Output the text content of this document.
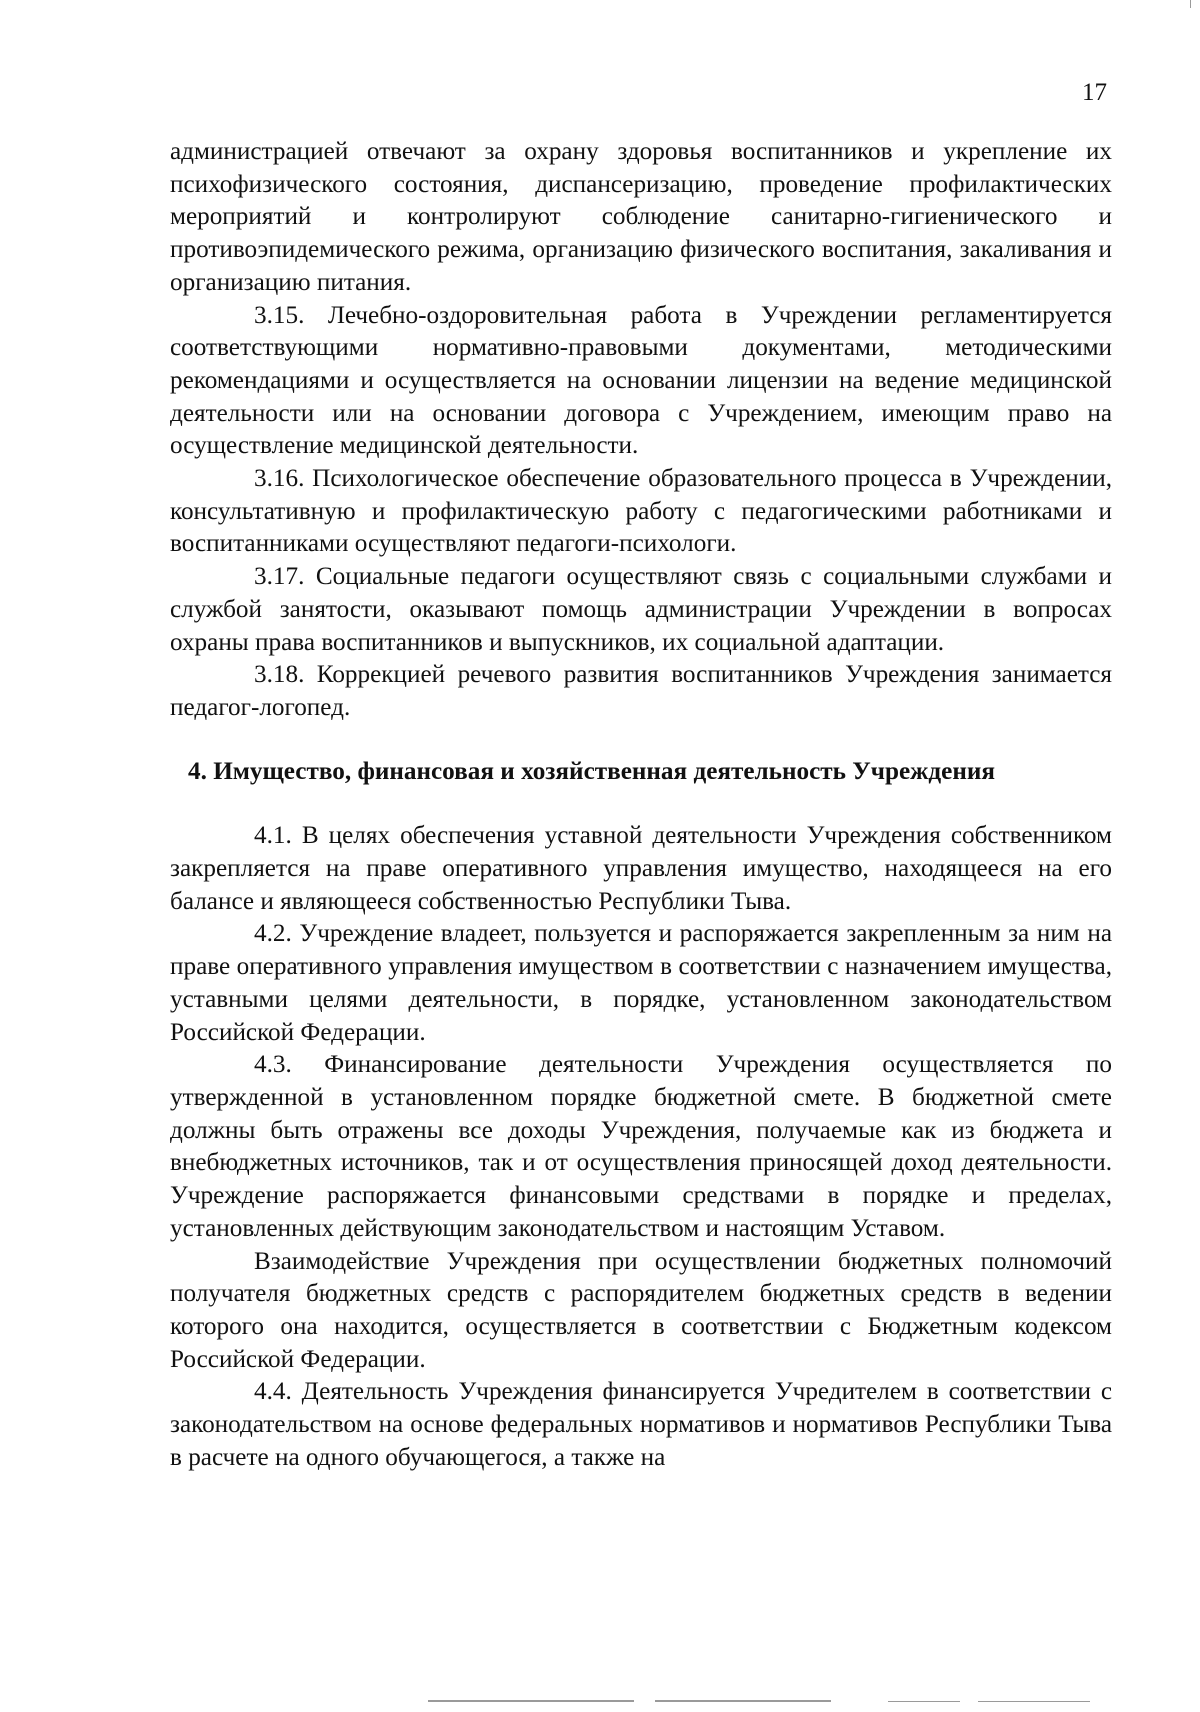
17

администрацией отвечают за охрану здоровья воспитанников и укрепление их психофизического состояния, диспансеризацию, проведение профилактических мероприятий и контролируют соблюдение санитарно-гигиенического и противоэпидемического режима, организацию физического воспитания, закаливания и организацию питания.

3.15. Лечебно-оздоровительная работа в Учреждении регламентируется соответствующими нормативно-правовыми документами, методическими рекомендациями и осуществляется на основании лицензии на ведение медицинской деятельности или на основании договора с Учреждением, имеющим право на осуществление медицинской деятельности.

3.16. Психологическое обеспечение образовательного процесса в Учреждении, консультативную и профилактическую работу с педагогическими работниками и воспитанниками осуществляют педагоги-психологи.

3.17. Социальные педагоги осуществляют связь с социальными службами и службой занятости, оказывают помощь администрации Учреждении в вопросах охраны права воспитанников и выпускников, их социальной адаптации.

3.18. Коррекцией речевого развития воспитанников Учреждения занимается педагог-логопед.

4. Имущество, финансовая и хозяйственная деятельность Учреждения

4.1. В целях обеспечения уставной деятельности Учреждения собственником закрепляется на праве оперативного управления имущество, находящееся на его балансе и являющееся собственностью Республики Тыва.

4.2. Учреждение владеет, пользуется и распоряжается закрепленным за ним на праве оперативного управления имуществом в соответствии с назначением имущества, уставными целями деятельности, в порядке, установленном законодательством Российской Федерации.

4.3. Финансирование деятельности Учреждения осуществляется по утвержденной в установленном порядке бюджетной смете. В бюджетной смете должны быть отражены все доходы Учреждения, получаемые как из бюджета и внебюджетных источников, так и от осуществления приносящей доход деятельности. Учреждение распоряжается финансовыми средствами в порядке и пределах, установленных действующим законодательством и настоящим Уставом.

Взаимодействие Учреждения при осуществлении бюджетных полномочий получателя бюджетных средств с распорядителем бюджетных средств в ведении которого она находится, осуществляется в соответствии с Бюджетным кодексом Российской Федерации.

4.4. Деятельность Учреждения финансируется Учредителем в соответствии с законодательством на основе федеральных нормативов и нормативов Республики Тыва в расчете на одного обучающегося, а также на
